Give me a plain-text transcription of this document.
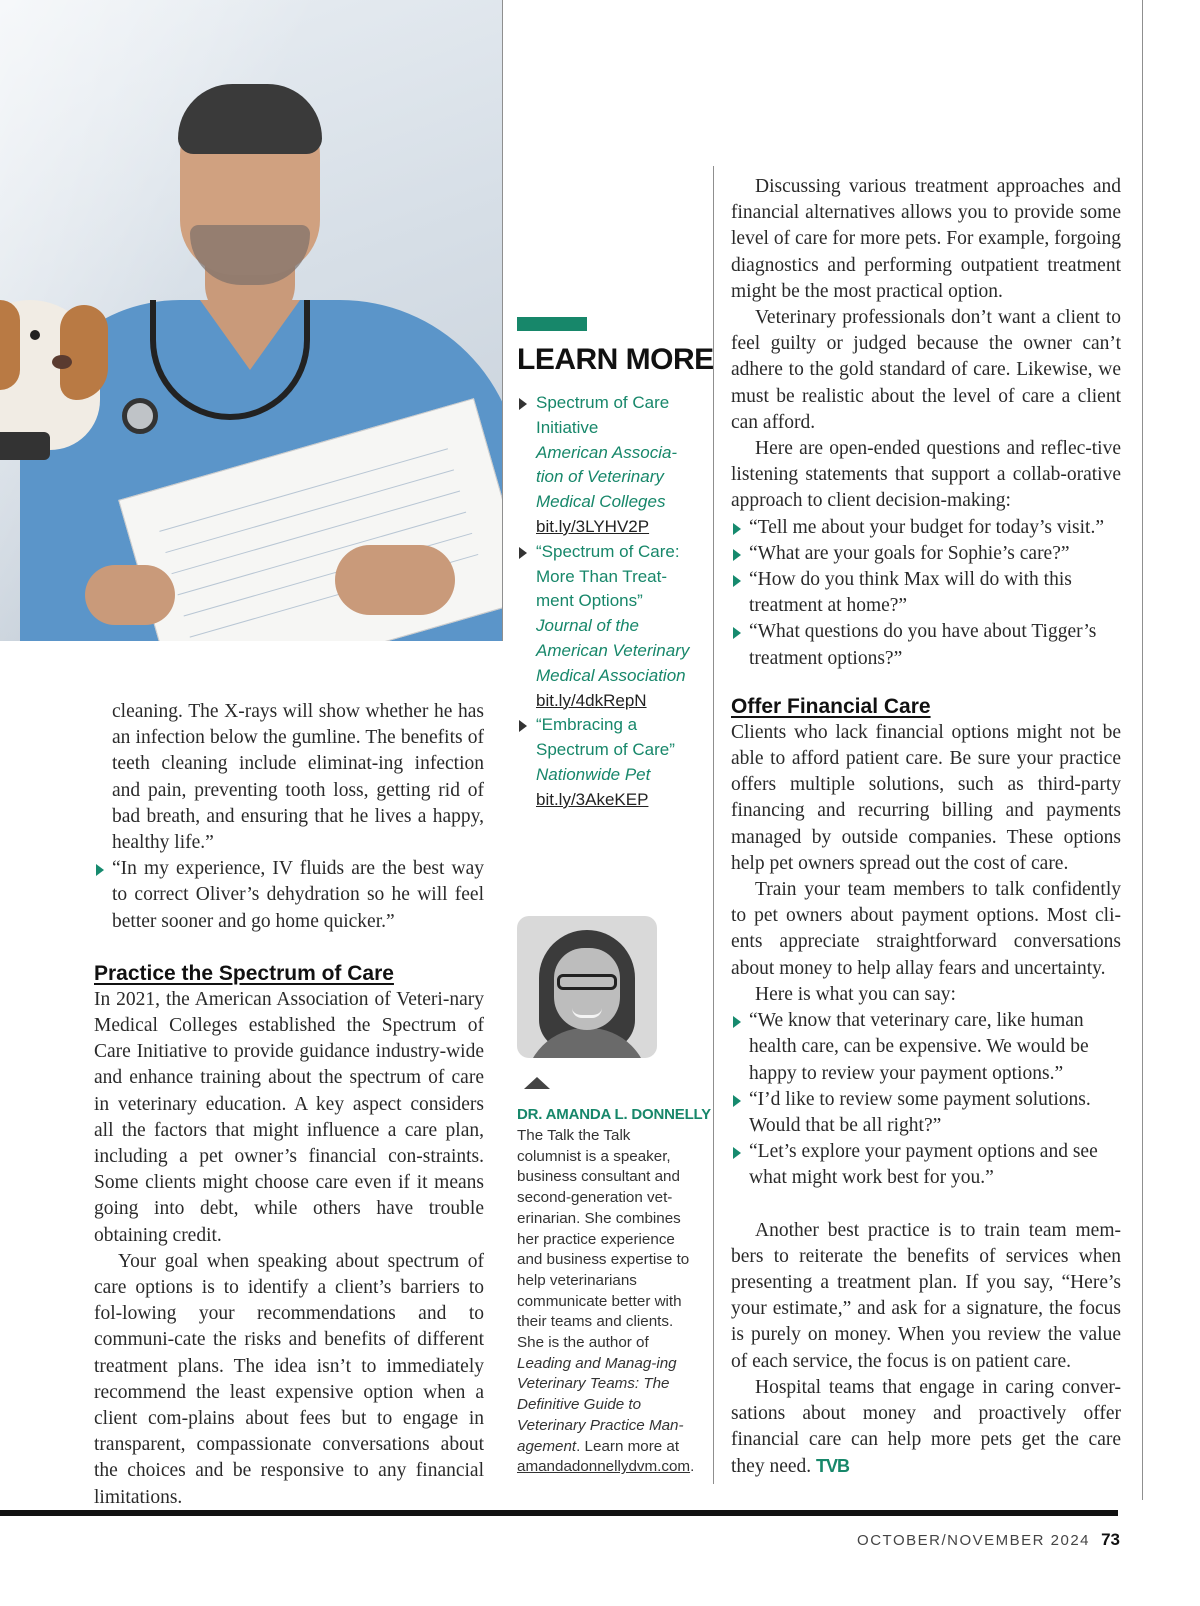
cleaning. The X-rays will show whether he has an infection below the gumline. The benefits of teeth cleaning include eliminat-ing infection and pain, preventing tooth loss, getting rid of bad breath, and ensuring that he lives a happy, healthy life.”
“In my experience, IV fluids are the best way to correct Oliver’s dehydration so he will feel better sooner and go home quicker.”
Practice the Spectrum of Care

In 2021, the American Association of Veteri-nary Medical Colleges established the Spectrum of Care Initiative to provide guidance industry-wide and enhance training about the spectrum of care in veterinary education. A key aspect considers all the factors that might influence a care plan, including a pet owner’s financial con-straints. Some clients might choose care even if it means going into debt, while others have trouble obtaining credit.

Your goal when speaking about spectrum of care options is to identify a client’s barriers to fol-lowing your recommendations and to communi-cate the risks and benefits of different treatment plans. The idea isn’t to immediately recommend the least expensive option when a client com-plains about fees but to engage in transparent, compassionate conversations about the choices and be responsive to any financial limitations.

LEARN MORE
Spectrum of Care Initiative
American Associa-tion of Veterinary Medical Colleges
bit.ly/3LYHV2P
“Spectrum of Care: More Than Treat-ment Options”
Journal of the American Veterinary Medical Association
bit.ly/4dkRepN
“Embracing a Spectrum of Care”
Nationwide Pet
bit.ly/3AkeKEP
DR. AMANDA L. DONNELLY
The Talk the Talk columnist is a speaker, business consultant and second-generation vet-erinarian. She combines her practice experience and business expertise to help veterinarians communicate better with their teams and clients. She is the author of Leading and Manag-ing Veterinary Teams: The Definitive Guide to Veterinary Practice Man-agement. Learn more at amandadonnellydvm.com.

Discussing various treatment approaches and financial alternatives allows you to provide some level of care for more pets. For example, forgoing diagnostics and performing outpatient treatment might be the most practical option.

Veterinary professionals don’t want a client to feel guilty or judged because the owner can’t adhere to the gold standard of care. Likewise, we must be realistic about the level of care a client can afford.

Here are open-ended questions and reflec-tive listening statements that support a collab-orative approach to client decision-making:

“Tell me about your budget for today’s visit.”
“What are your goals for Sophie’s care?”
“How do you think Max will do with this treatment at home?”
“What questions do you have about Tigger’s treatment options?”
Offer Financial Care

Clients who lack financial options might not be able to afford patient care. Be sure your practice offers multiple solutions, such as third-party financing and recurring billing and payments managed by outside companies. These options help pet owners spread out the cost of care.

Train your team members to talk confidently to pet owners about payment options. Most cli-ents appreciate straightforward conversations about money to help allay fears and uncertainty.

Here is what you can say:

“We know that veterinary care, like human health care, can be expensive. We would be happy to review your payment options.”
“I’d like to review some payment solutions. Would that be all right?”
“Let’s explore your payment options and see what might work best for you.”

Another best practice is to train team mem-bers to reiterate the benefits of services when presenting a treatment plan. If you say, “Here’s your estimate,” and ask for a signature, the focus is purely on money. When you review the value of each service, the focus is on patient care.

Hospital teams that engage in caring conver-sations about money and proactively offer financial care can help more pets get the care they need. TVB

OCTOBER/NOVEMBER 2024 73
